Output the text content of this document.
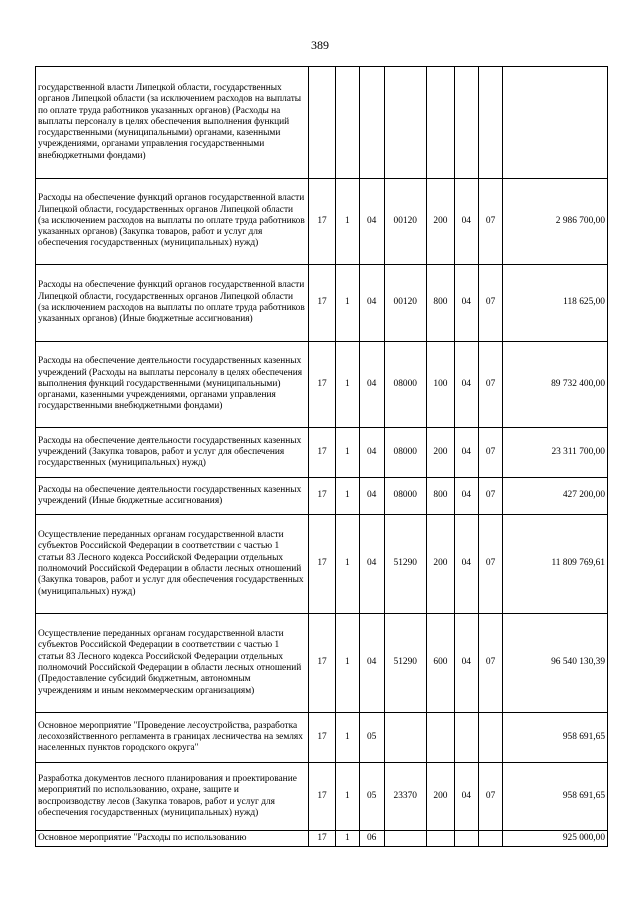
389
государственной власти Липецкой области, государственных органов Липецкой области (за исключением расходов на выплаты по оплате труда работников указанных органов) (Расходы на выплаты персоналу в целях обеспечения выполнения функций государственными (муниципальными) органами, казенными учреждениями, органами управления государственными внебюджетными фондами)								
Расходы на обеспечение функций органов государственной власти Липецкой области, государственных органов Липецкой области (за исключением расходов на выплаты по оплате труда работников указанных органов) (Закупка товаров, работ и услуг для обеспечения государственных (муниципальных) нужд)	17	1	04	00120	200	04	07	2 986 700,00
Расходы на обеспечение функций органов государственной власти Липецкой области, государственных органов Липецкой области (за исключением расходов на выплаты по оплате труда работников указанных органов) (Иные бюджетные ассигнования)	17	1	04	00120	800	04	07	118 625,00
Расходы на обеспечение деятельности государственных казенных учреждений (Расходы на выплаты персоналу в целях обеспечения выполнения функций государственными (муниципальными) органами, казенными учреждениями, органами управления государственными внебюджетными фондами)	17	1	04	08000	100	04	07	89 732 400,00
Расходы на обеспечение деятельности государственных казенных учреждений (Закупка товаров, работ и услуг для обеспечения государственных (муниципальных) нужд)	17	1	04	08000	200	04	07	23 311 700,00
Расходы на обеспечение деятельности государственных казенных учреждений (Иные бюджетные ассигнования)	17	1	04	08000	800	04	07	427 200,00
Осуществление переданных органам государственной власти субъектов Российской Федерации в соответствии с частью 1 статьи 83 Лесного кодекса Российской Федерации отдельных полномочий Российской Федерации в области лесных отношений (Закупка товаров, работ и услуг для обеспечения государственных (муниципальных) нужд)	17	1	04	51290	200	04	07	11 809 769,61
Осуществление переданных органам государственной власти субъектов Российской Федерации в соответствии с частью 1 статьи 83 Лесного кодекса Российской Федерации отдельных полномочий Российской Федерации в области лесных отношений (Предоставление субсидий бюджетным, автономным учреждениям и иным некоммерческим организациям)	17	1	04	51290	600	04	07	96 540 130,39
Основное мероприятие "Проведение лесоустройства, разработка лесохозяйственного регламента в границах лесничества на землях населенных пунктов городского округа"	17	1	05					958 691,65
Разработка документов лесного планирования и проектирование мероприятий по использованию, охране, защите и воспроизводству лесов (Закупка товаров, работ и услуг для обеспечения государственных (муниципальных) нужд)	17	1	05	23370	200	04	07	958 691,65
Основное мероприятие "Расходы по использованию	17	1	06					925 000,00
